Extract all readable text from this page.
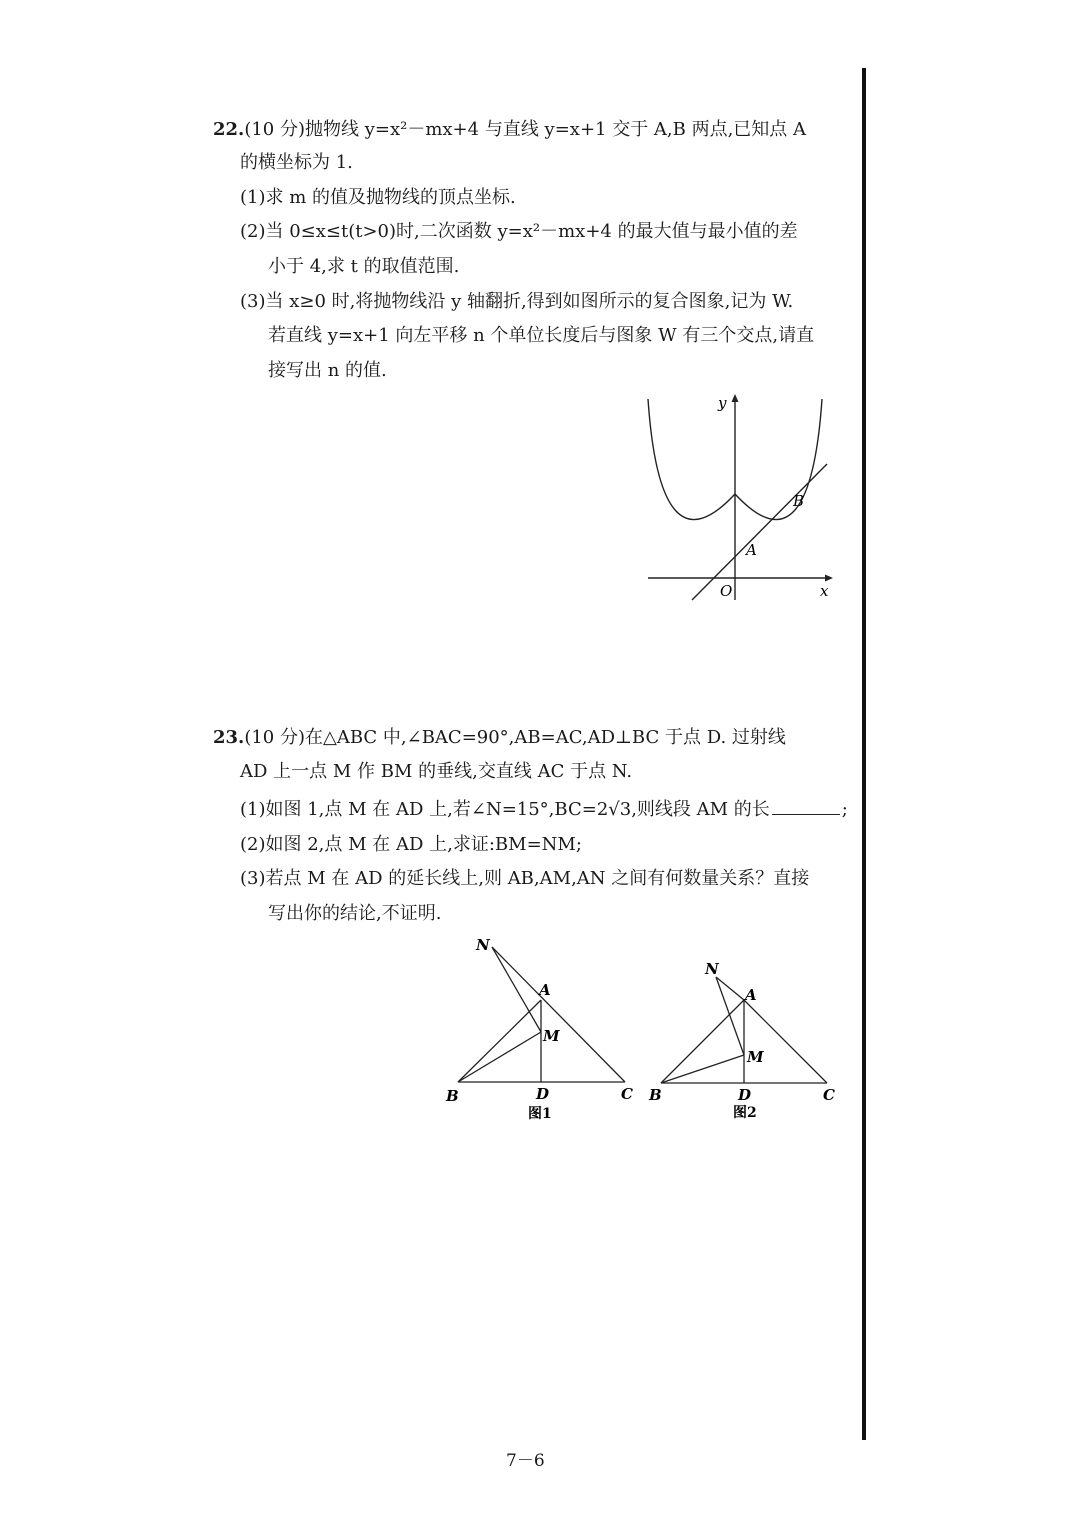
22.(10 分)抛物线 y=x²－mx+4 与直线 y=x+1 交于 A,B 两点,已知点 A
的横坐标为 1.
(1)求 m 的值及抛物线的顶点坐标.
(2)当 0≤x≤t(t>0)时,二次函数 y=x²－mx+4 的最大值与最小值的差
小于 4,求 t 的取值范围.
(3)当 x≥0 时,将抛物线沿 y 轴翻折,得到如图所示的复合图象,记为 W.
若直线 y=x+1 向左平移 n 个单位长度后与图象 W 有三个交点,请直
接写出 n 的值.
y
x
O
A
B
23.(10 分)在△ABC 中,∠BAC=90°,AB=AC,AD⊥BC 于点 D. 过射线
AD 上一点 M 作 BM 的垂线,交直线 AC 于点 N.
(1)如图 1,点 M 在 AD 上,若∠N=15°,BC=2√3,则线段 AM 的长	;
(2)如图 2,点 M 在 AD 上,求证:BM=NM;
(3)若点 M 在 AD 的延长线上,则 AB,AM,AN 之间有何数量关系？直接
写出你的结论,不证明.
N
A
M
B	D	C
图1
N
A
M
B	D	C
图2
7－6
